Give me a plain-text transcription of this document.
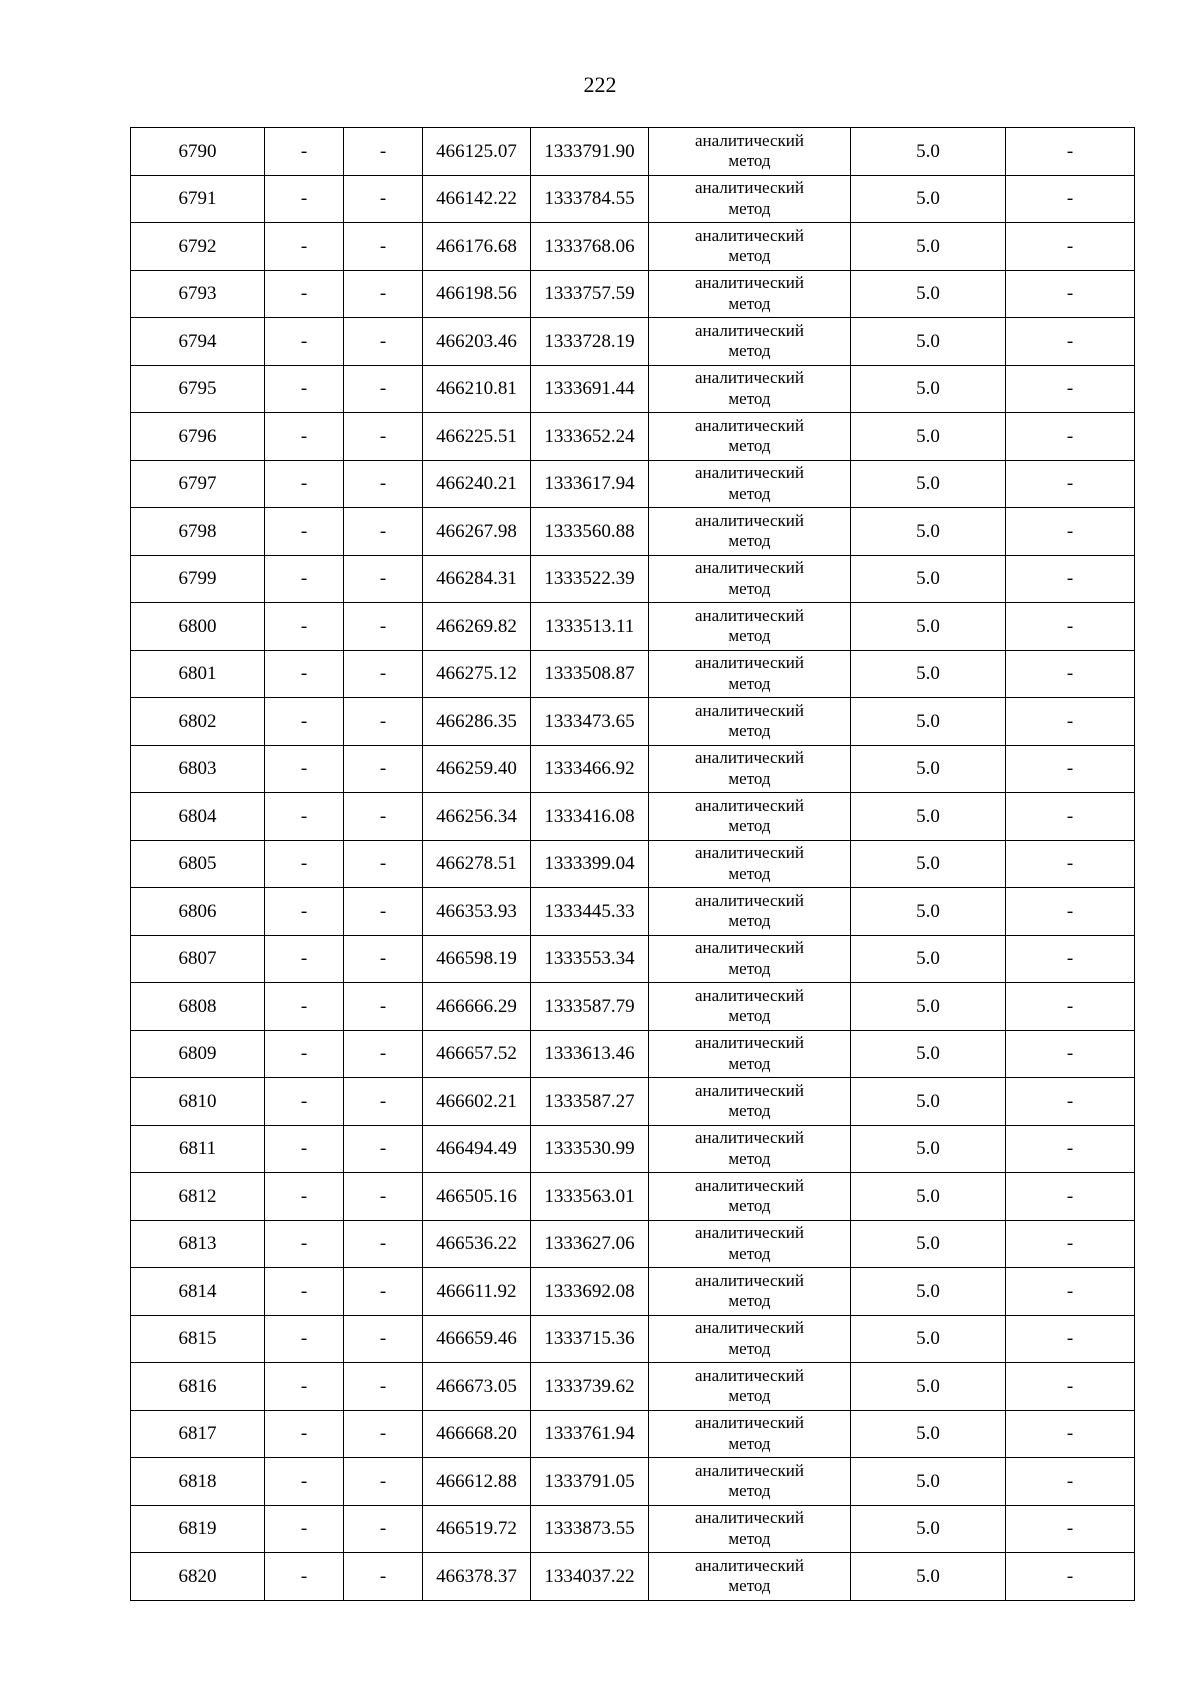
222
6790	-	-	466125.07	1333791.90	аналитический
метод	5.0	-
6791	-	-	466142.22	1333784.55	аналитический
метод	5.0	-
6792	-	-	466176.68	1333768.06	аналитический
метод	5.0	-
6793	-	-	466198.56	1333757.59	аналитический
метод	5.0	-
6794	-	-	466203.46	1333728.19	аналитический
метод	5.0	-
6795	-	-	466210.81	1333691.44	аналитический
метод	5.0	-
6796	-	-	466225.51	1333652.24	аналитический
метод	5.0	-
6797	-	-	466240.21	1333617.94	аналитический
метод	5.0	-
6798	-	-	466267.98	1333560.88	аналитический
метод	5.0	-
6799	-	-	466284.31	1333522.39	аналитический
метод	5.0	-
6800	-	-	466269.82	1333513.11	аналитический
метод	5.0	-
6801	-	-	466275.12	1333508.87	аналитический
метод	5.0	-
6802	-	-	466286.35	1333473.65	аналитический
метод	5.0	-
6803	-	-	466259.40	1333466.92	аналитический
метод	5.0	-
6804	-	-	466256.34	1333416.08	аналитический
метод	5.0	-
6805	-	-	466278.51	1333399.04	аналитический
метод	5.0	-
6806	-	-	466353.93	1333445.33	аналитический
метод	5.0	-
6807	-	-	466598.19	1333553.34	аналитический
метод	5.0	-
6808	-	-	466666.29	1333587.79	аналитический
метод	5.0	-
6809	-	-	466657.52	1333613.46	аналитический
метод	5.0	-
6810	-	-	466602.21	1333587.27	аналитический
метод	5.0	-
6811	-	-	466494.49	1333530.99	аналитический
метод	5.0	-
6812	-	-	466505.16	1333563.01	аналитический
метод	5.0	-
6813	-	-	466536.22	1333627.06	аналитический
метод	5.0	-
6814	-	-	466611.92	1333692.08	аналитический
метод	5.0	-
6815	-	-	466659.46	1333715.36	аналитический
метод	5.0	-
6816	-	-	466673.05	1333739.62	аналитический
метод	5.0	-
6817	-	-	466668.20	1333761.94	аналитический
метод	5.0	-
6818	-	-	466612.88	1333791.05	аналитический
метод	5.0	-
6819	-	-	466519.72	1333873.55	аналитический
метод	5.0	-
6820	-	-	466378.37	1334037.22	аналитический
метод	5.0	-
